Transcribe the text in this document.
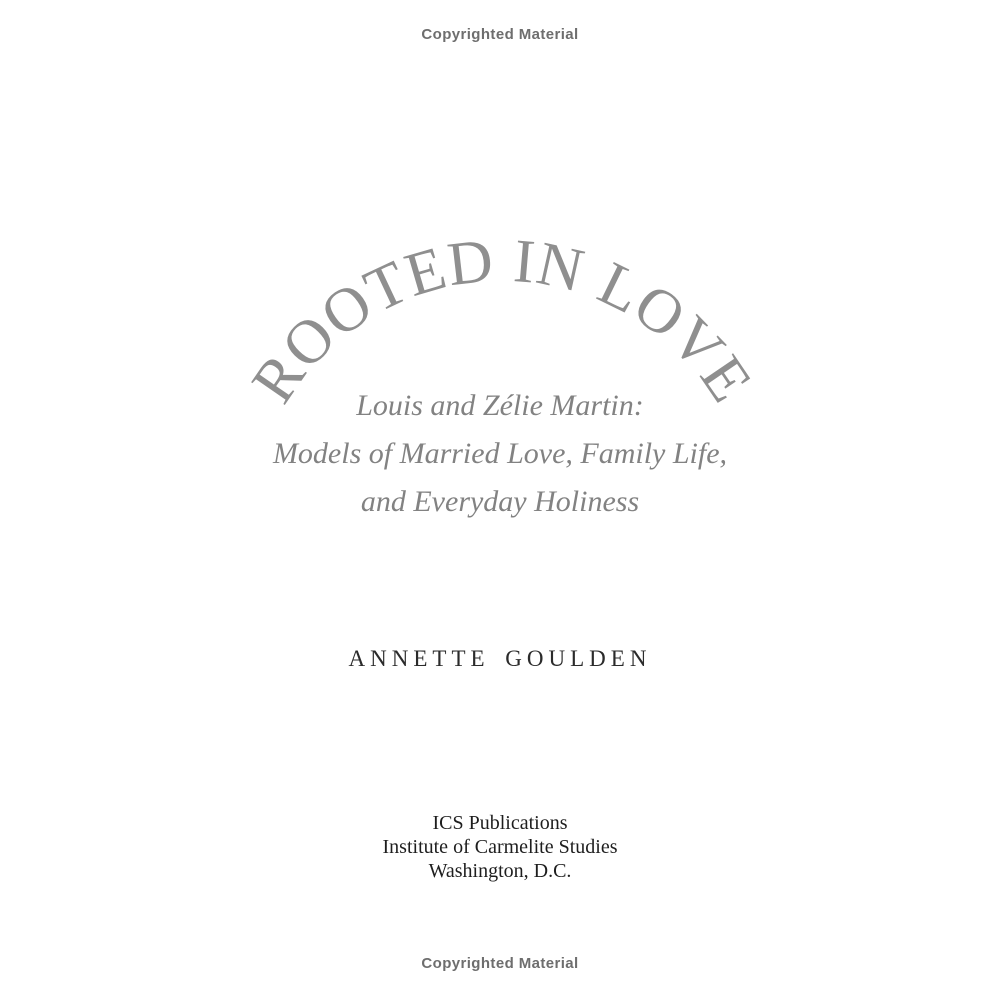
Copyrighted Material
ROOTED IN LOVE
Louis and Zélie Martin:
Models of Married Love, Family Life,
and Everyday Holiness
ANNETTE GOULDEN
ICS Publications
Institute of Carmelite Studies
Washington, D.C.
Copyrighted Material
